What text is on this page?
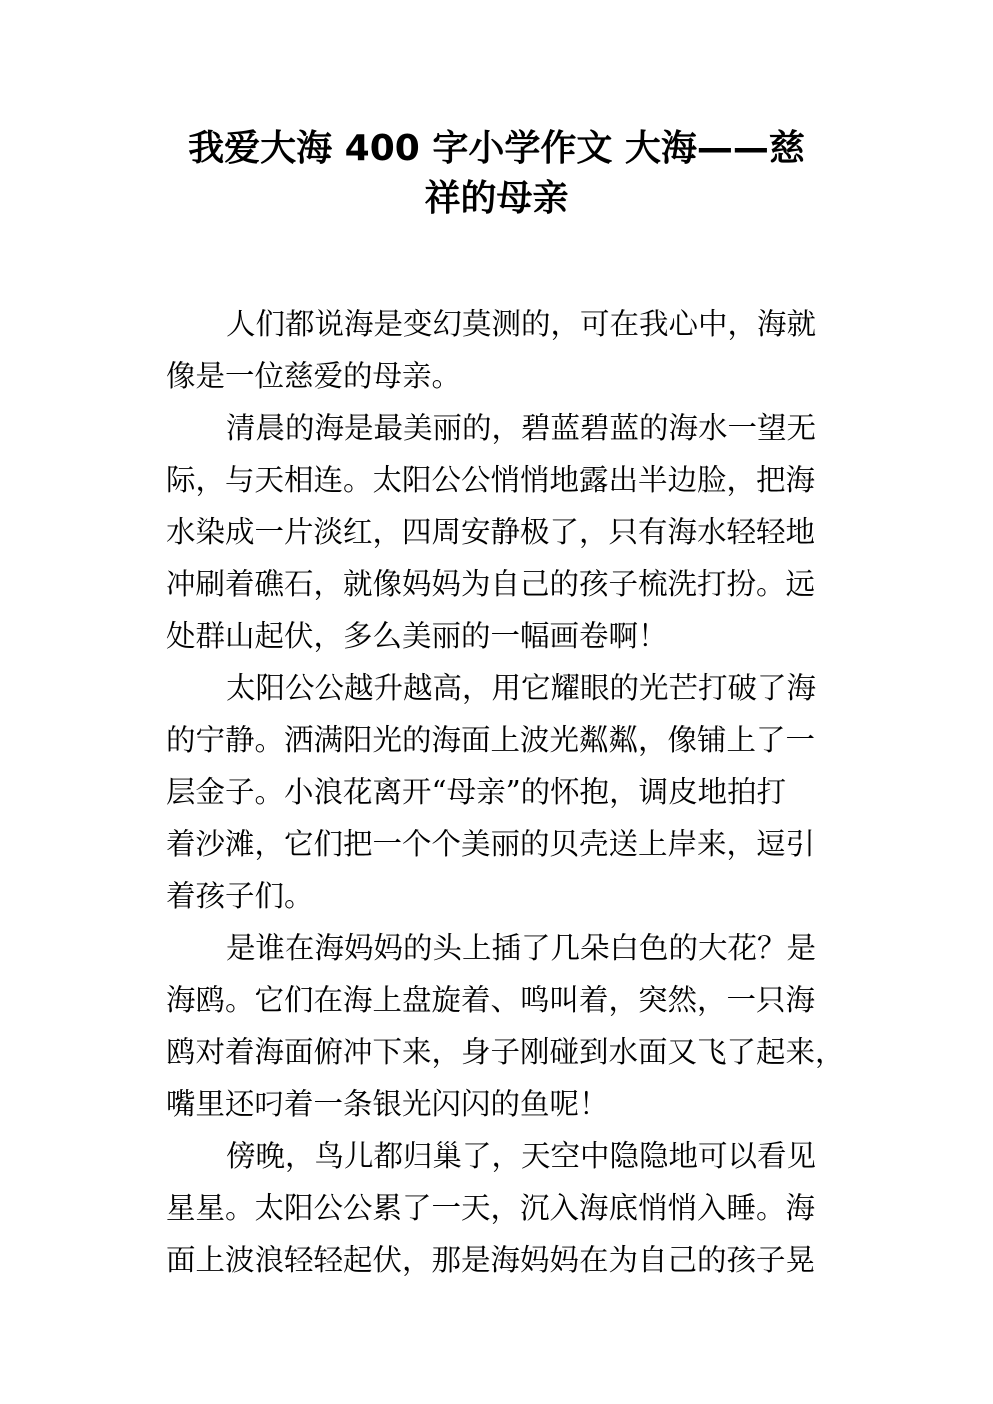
我爱大海 400 字小学作文 大海——慈
祥的母亲

人们都说海是变幻莫测的，可在我心中，海就
像是一位慈爱的母亲。

清晨的海是最美丽的，碧蓝碧蓝的海水一望无
际，与天相连。太阳公公悄悄地露出半边脸，把海
水染成一片淡红，四周安静极了，只有海水轻轻地
冲刷着礁石，就像妈妈为自己的孩子梳洗打扮。远
处群山起伏，多么美丽的一幅画卷啊！

太阳公公越升越高，用它耀眼的光芒打破了海
的宁静。洒满阳光的海面上波光粼粼，像铺上了一
层金子。小浪花离开“母亲”的怀抱，调皮地拍打
着沙滩，它们把一个个美丽的贝壳送上岸来，逗引
着孩子们。

是谁在海妈妈的头上插了几朵白色的大花？是
海鸥。它们在海上盘旋着、鸣叫着，突然，一只海
鸥对着海面俯冲下来，身子刚碰到水面又飞了起来，
嘴里还叼着一条银光闪闪的鱼呢！

傍晚，鸟儿都归巢了，天空中隐隐地可以看见
星星。太阳公公累了一天，沉入海底悄悄入睡。海
面上波浪轻轻起伏，那是海妈妈在为自己的孩子晃
